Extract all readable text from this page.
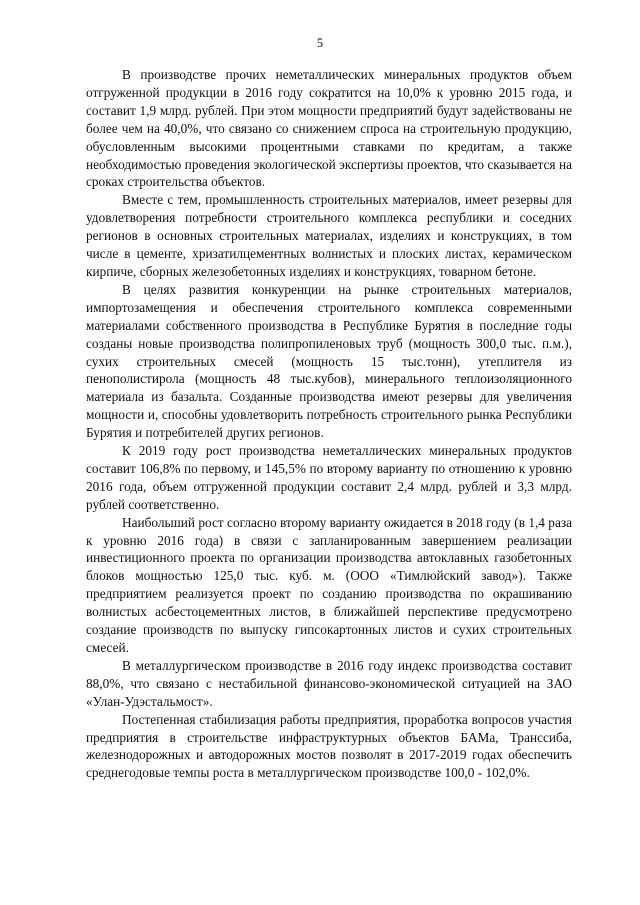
5

В производстве прочих неметаллических минеральных продуктов объем отгруженной продукции в 2016 году сократится на 10,0% к уровню 2015 года, и составит 1,9 млрд. рублей. При этом мощности предприятий будут задействованы не более чем на 40,0%, что связано со снижением спроса на строительную продукцию, обусловленным высокими процентными ставками по кредитам, а также необходимостью проведения экологической экспертизы проектов, что сказывается на сроках строительства объектов.

Вместе с тем, промышленность строительных материалов, имеет резервы для удовлетворения потребности строительного комплекса республики и соседних регионов в основных строительных материалах, изделиях и конструкциях, в том числе в цементе, хризатилцементных волнистых и плоских листах, керамическом кирпиче, сборных железобетонных изделиях и конструкциях, товарном бетоне.

В целях развития конкуренции на рынке строительных материалов, импортозамещения и обеспечения строительного комплекса современными материалами собственного производства в Республике Бурятия в последние годы созданы новые производства полипропиленовых труб (мощность 300,0 тыс. п.м.), сухих строительных смесей (мощность 15 тыс.тонн), утеплителя из пенополистирола (мощность 48 тыс.кубов), минерального теплоизоляционного материала из базальта. Созданные производства имеют резервы для увеличения мощности и, способны удовлетворить потребность строительного рынка Республики Бурятия и потребителей других регионов.

К 2019 году рост производства неметаллических минеральных продуктов составит 106,8% по первому, и 145,5% по второму варианту по отношению к уровню 2016 года, объем отгруженной продукции составит 2,4 млрд. рублей и 3,3 млрд. рублей соответственно.

Наибольший рост согласно второму варианту ожидается в 2018 году (в 1,4 раза к уровню 2016 года) в связи с запланированным завершением реализации инвестиционного проекта по организации производства автоклавных газобетонных блоков мощностью 125,0 тыс. куб. м. (ООО «Тимлюйский завод»). Также предприятием реализуется проект по созданию производства по окрашиванию волнистых асбестоцементных листов, в ближайшей перспективе предусмотрено создание производств по выпуску гипсокартонных листов и сухих строительных смесей.

В металлургическом производстве в 2016 году индекс производства составит 88,0%, что связано с нестабильной финансово-экономической ситуацией на ЗАО «Улан-Удэстальмост».

Постепенная стабилизация работы предприятия, проработка вопросов участия предприятия в строительстве инфраструктурных объектов БАМа, Транссиба, железнодорожных и автодорожных мостов позволят в 2017-2019 годах обеспечить среднегодовые темпы роста в металлургическом производстве 100,0 - 102,0%.
